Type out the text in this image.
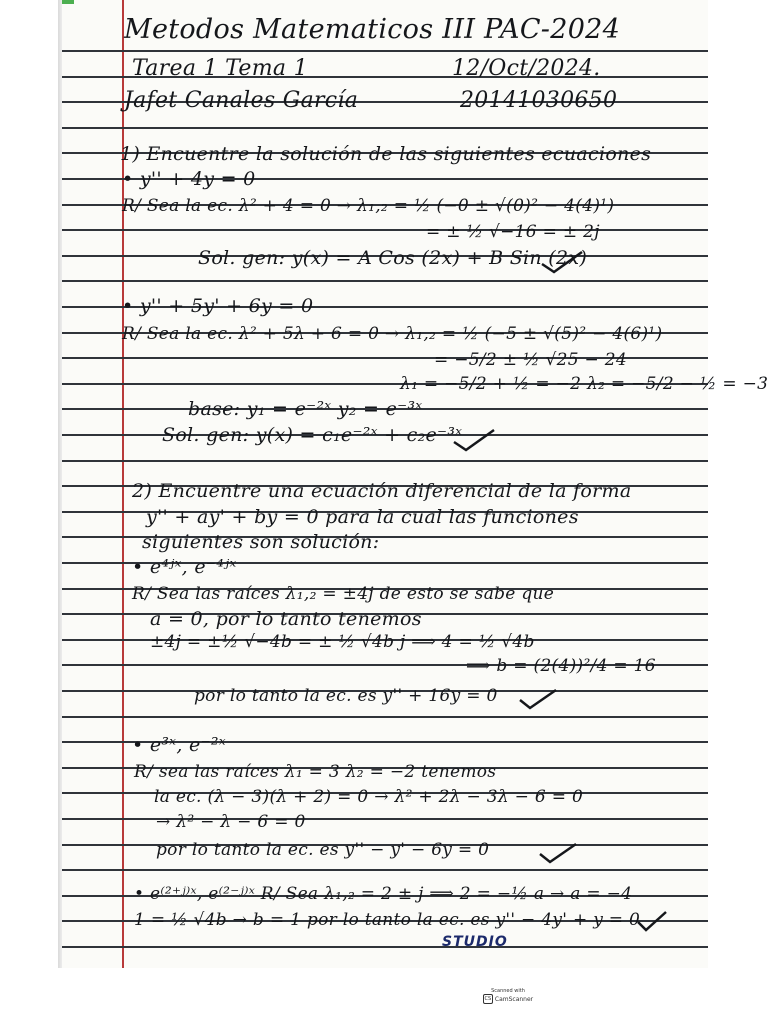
Metodos Matematicos III PAC-2024
Tarea 1 Tema 1	12/Oct/2024.
Jafet Canales García	20141030650
1) Encuentre la solución de las siguientes ecuaciones
• y'' + 4y = 0
R/ Sea la ec. λ² + 4 = 0 → λ₁,₂ = ½ (−0 ± √(0)² − 4(4)¹)
= ± ½ √−16 = ± 2j
Sol. gen: y(x) = A Cos (2x) + B Sin (2x)
• y'' + 5y' + 6y = 0
R/ Sea la ec. λ² + 5λ + 6 = 0 → λ₁,₂ = ½ (−5 ± √(5)² − 4(6)¹)
= −5/2 ± ½ √25 − 24
λ₁ = −5/2 + ½ = −2 λ₂ = −5/2 − ½ = −3
base: y₁ = e⁻²ˣ y₂ = e⁻³ˣ
Sol. gen: y(x) = c₁e⁻²ˣ + c₂e⁻³ˣ
2) Encuentre una ecuación diferencial de la forma
y'' + ay' + by = 0 para la cual las funciones
siguientes son solución:
• e⁴ʲˣ, e⁻⁴ʲˣ
R/ Sea las raíces λ₁,₂ = ±4j de esto se sabe que
a = 0, por lo tanto tenemos
±4j = ±½ √−4b = ± ½ √4b j ⟹ 4 = ½ √4b
⟹ b = (2(4))²/4 = 16
por lo tanto la ec. es y'' + 16y = 0
• e³ˣ, e⁻²ˣ
R/ sea las raíces λ₁ = 3 λ₂ = −2 tenemos
la ec. (λ − 3)(λ + 2) = 0 → λ² + 2λ − 3λ − 6 = 0
→ λ² − λ − 6 = 0
por lo tanto la ec. es y'' − y' − 6y = 0
• e⁽²⁺ʲ⁾ˣ, e⁽²⁻ʲ⁾ˣ R/ Sea λ₁,₂ = 2 ± j ⟹ 2 = −½ a → a = −4
1 = ½ √4b → b = 1 por lo tanto la ec. es y'' − 4y' + y = 0
STUDIO
Scanned with
CS CamScanner
